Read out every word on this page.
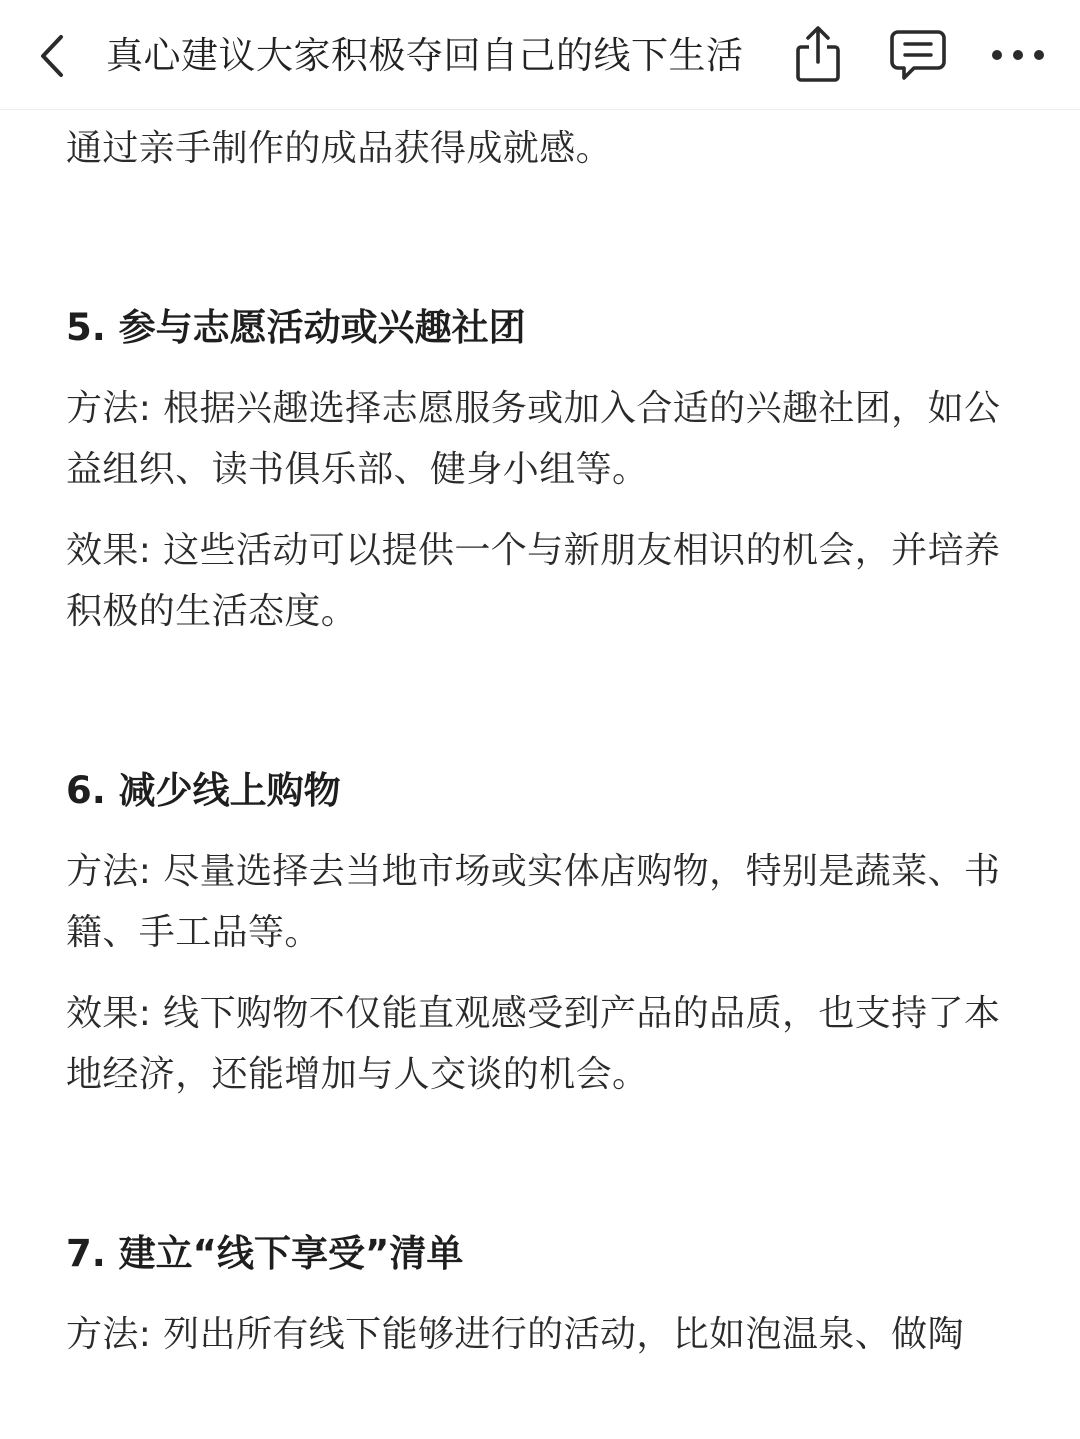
真心建议大家积极夺回自己的线下生活

通过亲手制作的成品获得成就感。

5. 参与志愿活动或兴趣社团

方法: 根据兴趣选择志愿服务或加入合适的兴趣社团，如公益组织、读书俱乐部、健身小组等。

效果: 这些活动可以提供一个与新朋友相识的机会，并培养积极的生活态度。

6. 减少线上购物

方法: 尽量选择去当地市场或实体店购物，特别是蔬菜、书籍、手工品等。

效果: 线下购物不仅能直观感受到产品的品质，也支持了本地经济，还能增加与人交谈的机会。

7. 建立“线下享受”清单

方法: 列出所有线下能够进行的活动，比如泡温泉、做陶
